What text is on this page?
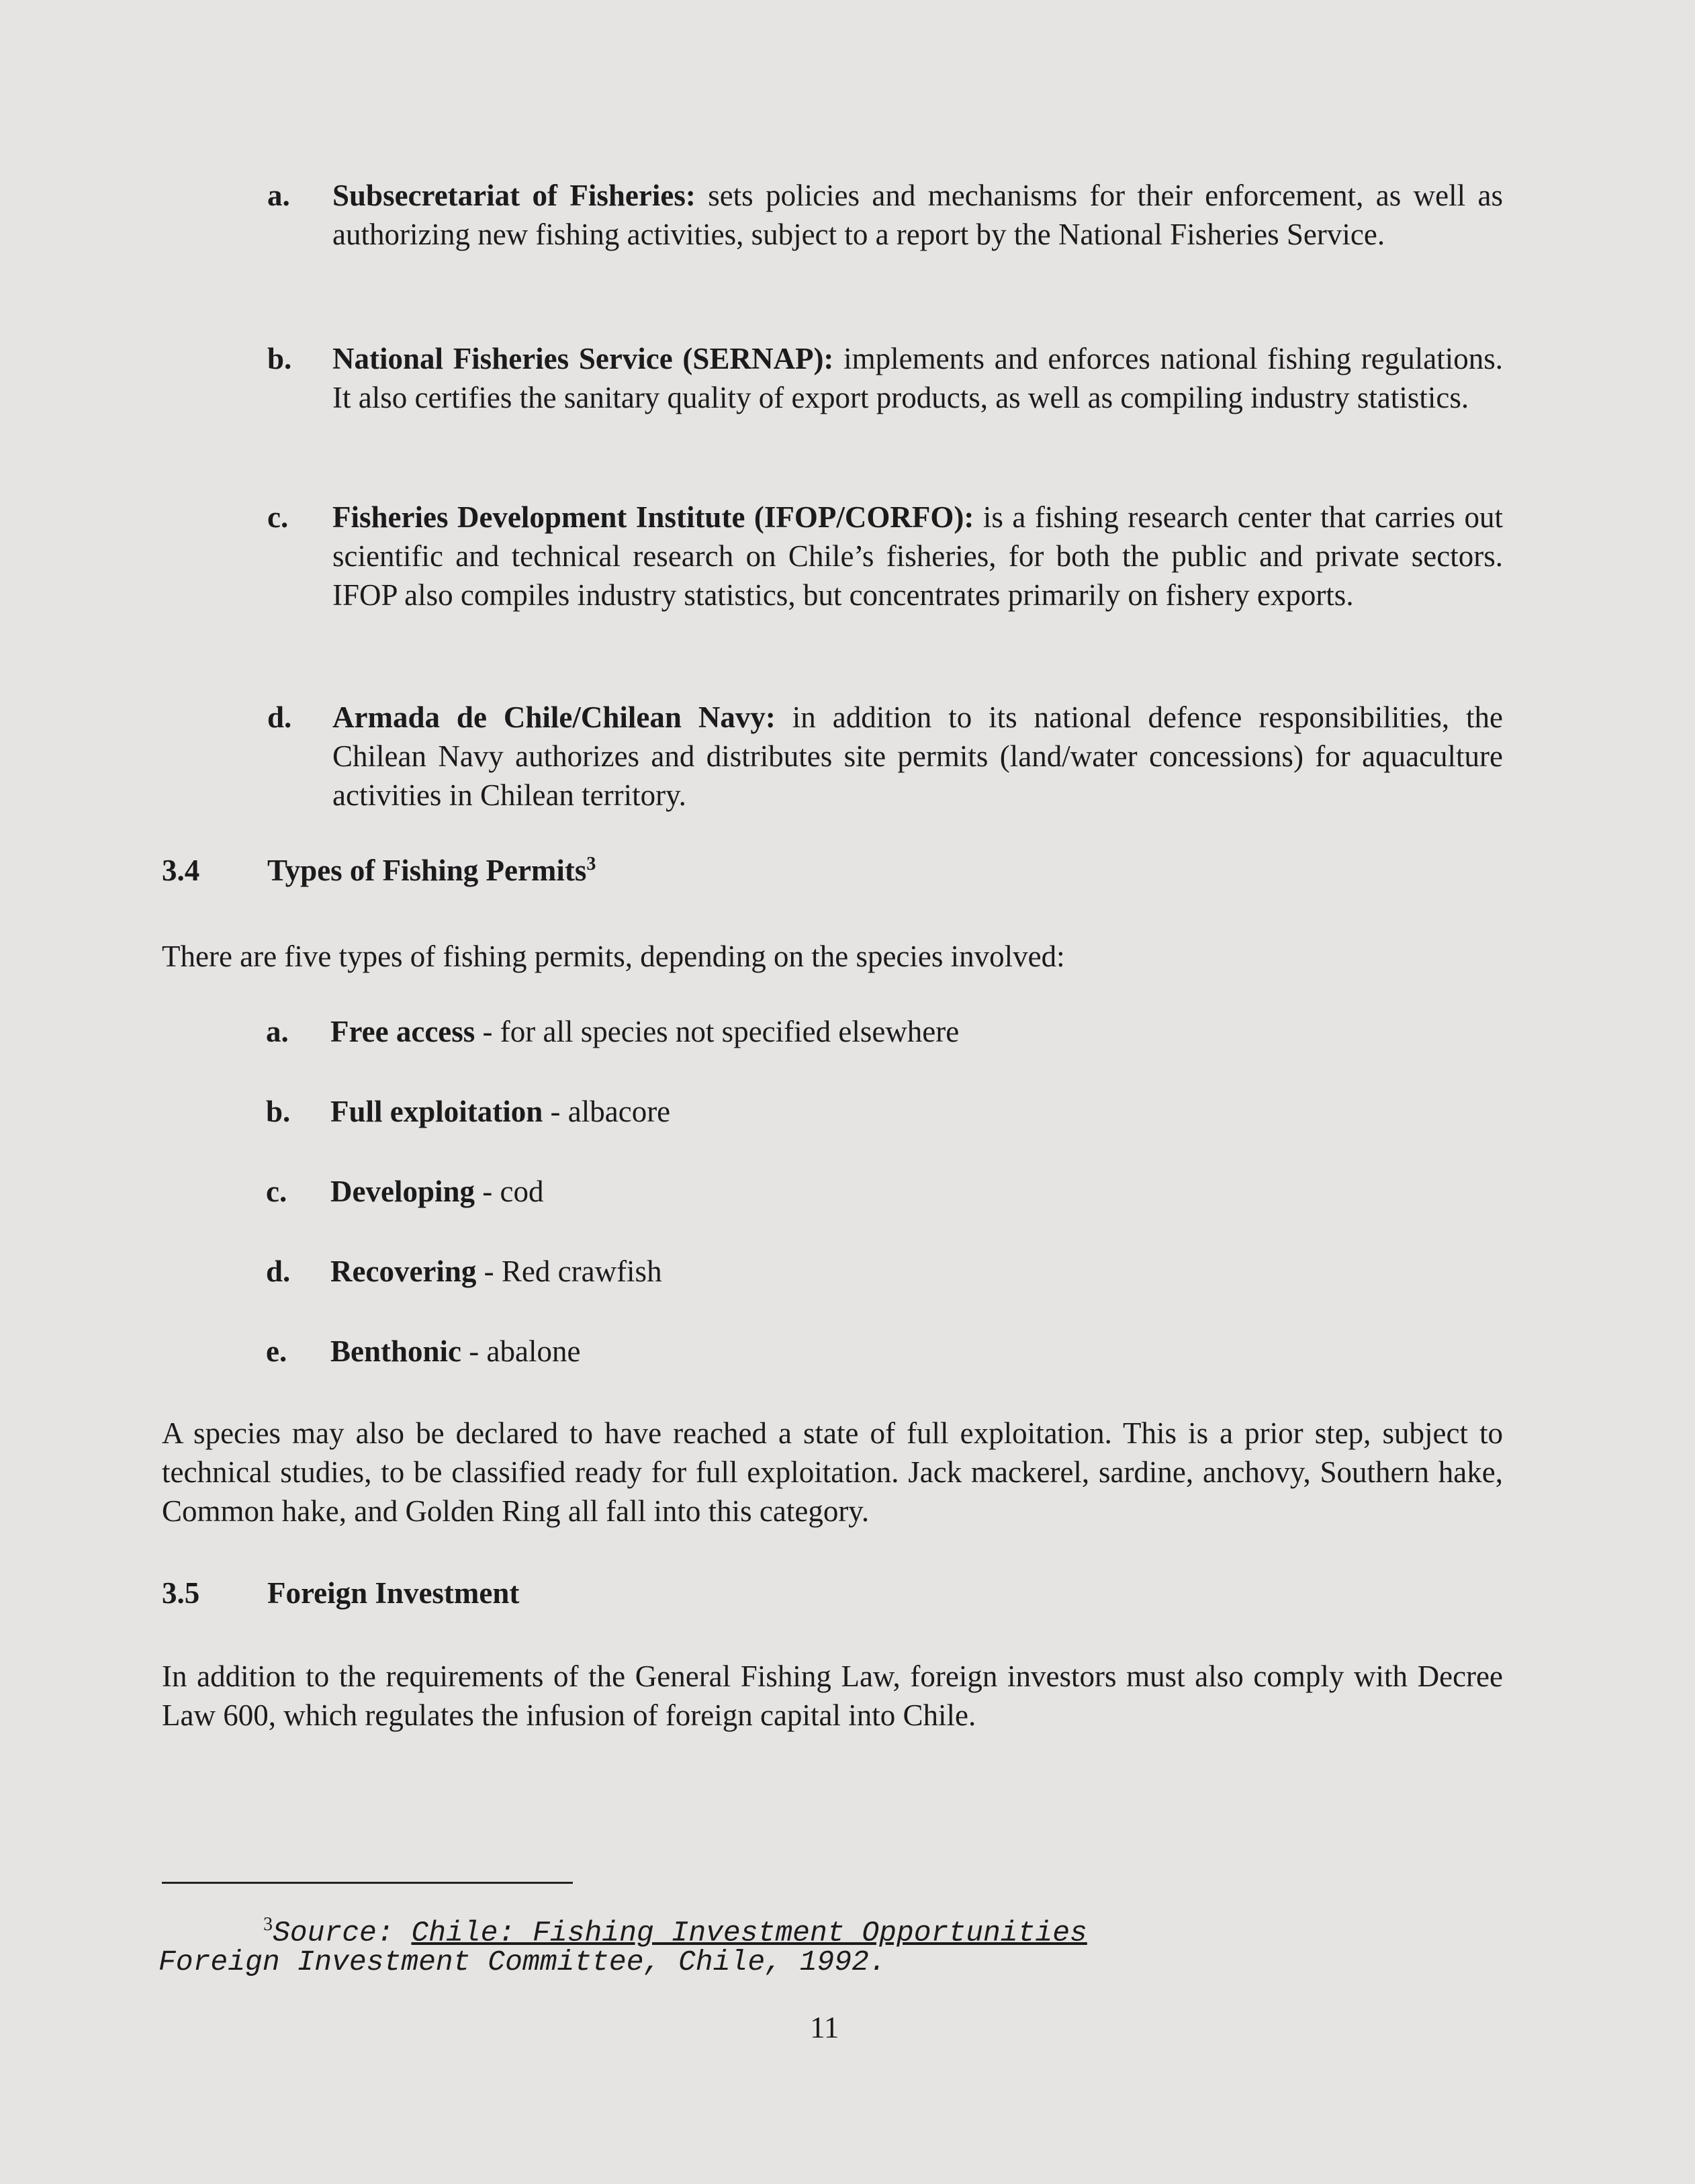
a. Subsecretariat of Fisheries: sets policies and mechanisms for their enforcement, as well as authorizing new fishing activities, subject to a report by the National Fisheries Service.
b. National Fisheries Service (SERNAP): implements and enforces national fishing regulations. It also certifies the sanitary quality of export products, as well as compiling industry statistics.
c. Fisheries Development Institute (IFOP/CORFO): is a fishing research center that carries out scientific and technical research on Chile’s fisheries, for both the public and private sectors. IFOP also compiles industry statistics, but concentrates primarily on fishery exports.
d. Armada de Chile/Chilean Navy: in addition to its national defence responsibilities, the Chilean Navy authorizes and distributes site permits (land/water concessions) for aquaculture activities in Chilean territory.
3.4 Types of Fishing Permits$^3$
There are five types of fishing permits, depending on the species involved:
a. Free access - for all species not specified elsewhere
b. Full exploitation - albacore
c. Developing - cod
d. Recovering - Red crawfish
e. Benthonic - abalone
A species may also be declared to have reached a state of full exploitation. This is a prior step, subject to technical studies, to be classified ready for full exploitation. Jack mackerel, sardine, anchovy, Southern hake, Common hake, and Golden Ring all fall into this category.
3.5 Foreign Investment
In addition to the requirements of the General Fishing Law, foreign investors must also comply with Decree Law 600, which regulates the infusion of foreign capital into Chile.
$^3$Source: Chile: Fishing Investment Opportunities
Foreign Investment Committee, Chile, 1992.
11
